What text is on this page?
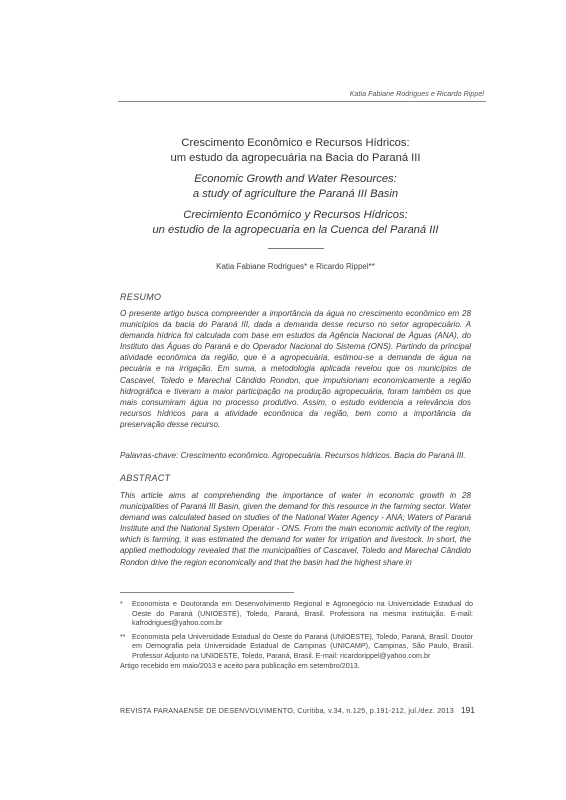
Katia Fabiane Rodrigues e Ricardo Rippel
Crescimento Econômico e Recursos Hídricos:
um estudo da agropecuária na Bacia do Paraná III
Economic Growth and Water Resources:
a study of agriculture the Paraná III Basin
Crecimiento Económico y Recursos Hídricos:
un estudio de la agropecuaria en la Cuenca del Paraná III
Katia Fabiane Rodrigues* e Ricardo Rippel**
RESUMO
O presente artigo busca compreender a importância da água no crescimento econômico em 28 municípios da bacia do Paraná III, dada a demanda desse recurso no setor agropecuário. A demanda hídrica foi calculada com base em estudos da Agência Nacional de Águas (ANA), do Instituto das Águas do Paraná e do Operador Nacional do Sistema (ONS). Partindo da principal atividade econômica da região, que é a agropecuária, estimou-se a demanda de água na pecuária e na irrigação. Em suma, a metodologia aplicada revelou que os municípios de Cascavel, Toledo e Marechal Cândido Rondon, que impulsionam economicamente a região hidrográfica e tiveram a maior participação na produção agropecuária, foram também os que mais consumiram água no processo produtivo. Assim, o estudo evidencia a relevância dos recursos hídricos para a atividade econômica da região, bem como a importância da preservação desse recurso.
Palavras-chave: Crescimento econômico. Agropecuária. Recursos hídricos. Bacia do Paraná III.
ABSTRACT
This article aims at comprehending the importance of water in economic growth in 28 municipalities of Paraná III Basin, given the demand for this resource in the farming sector. Water demand was calculated based on studies of the National Water Agency - ANA; Waters of Paraná Institute and the National System Operator - ONS. From the main economic activity of the region, which is farming, it was estimated the demand for water for irrigation and livestock. In short, the applied methodology revealed that the municipalities of Cascavel, Toledo and Marechal Cândido Rondon drive the region economically and that the basin had the highest share in
* Economista e Doutoranda em Desenvolvimento Regional e Agronegócio na Universidade Estadual do Oeste do Paraná (UNIOESTE), Toledo, Paraná, Brasil. Professora na mesma instituição. E-mail: kafrodrigues@yahoo.com.br
** Economista pela Universidade Estadual do Oeste do Paraná (UNIOESTE), Toledo, Paraná, Brasil. Doutor em Demografia pela Universidade Estadual de Campinas (UNICAMP), Campinas, São Paulo, Brasil. Professor Adjunto na UNIOESTE, Toledo, Paraná, Brasil. E-mail: ricardorippel@yahoo.com.br
Artigo recebido em maio/2013 e aceito para publicação em setembro/2013.
REVISTA PARANAENSE DE DESENVOLVIMENTO, Curitiba, v.34, n.125, p.191-212, jul./dez. 2013 191
